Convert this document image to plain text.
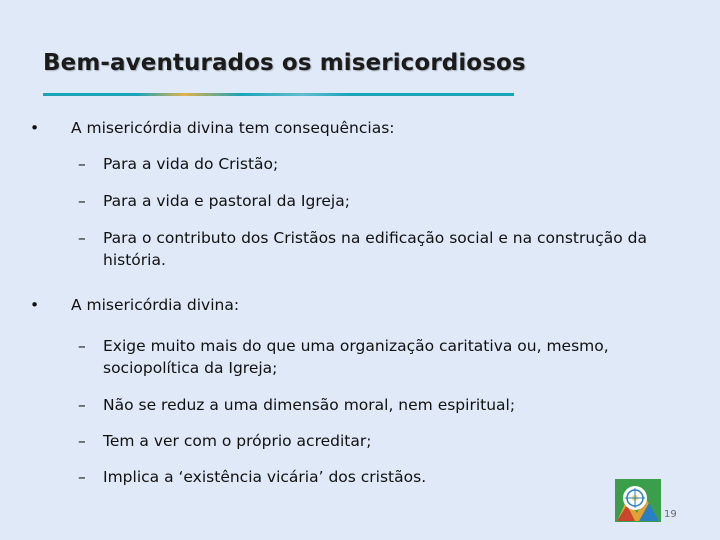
Bem-aventurados os misericordiosos
• A misericórdia divina tem consequências:
– Para a vida do Cristão;
– Para a vida e pastoral da Igreja;
– Para o contributo dos Cristãos na edificação social e na construção da história.
• A misericórdia divina:
– Exige muito mais do que uma organização caritativa ou, mesmo, sociopolítica da Igreja;
– Não se reduz a uma dimensão moral, nem espiritual;
– Tem a ver com o próprio acreditar;
– Implica a ‘existência vicária’ dos cristãos.
19
